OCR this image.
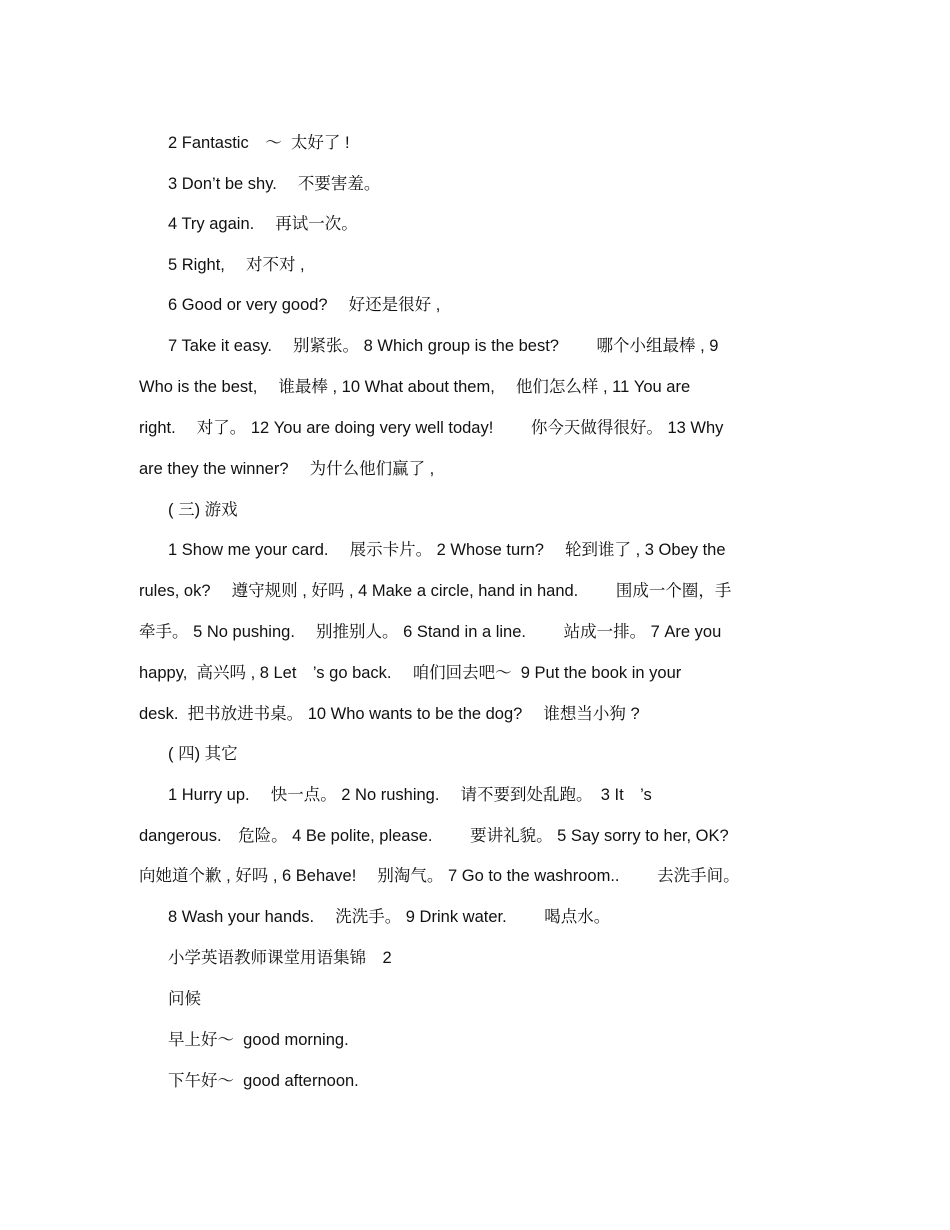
2 Fantastic　～  太好了 !
3 Don’t be shy.　 不要害羞。
4 Try again.　 再试一次。
5 Right,　 对不对 ,
6 Good or very good?　 好还是很好 ,
7 Take it easy.　 别紧张。 8 Which group is the best?　　 哪个小组最棒 , 9
Who is the best,　 谁最棒 , 10 What about them,　 他们怎么样 , 11 You are
right.　 对了。 12 You are doing very well today!　　 你今天做得很好。 13 Why
are they the winner?　 为什么他们赢了 ,
( 三) 游戏
1 Show me your card.　 展示卡片。 2 Whose turn?　 轮到谁了 , 3 Obey the
rules, ok?　 遵守规则 , 好吗 , 4 Make a circle, hand in hand.　　 围成一个圈，手
牵手。 5 No pushing.　 别推别人。 6 Stand in a line.　　 站成一排。 7 Are you
happy,  高兴吗 , 8 Let　’s go back.　 咱们回去吧～  9 Put the book in your
desk.  把书放进书桌。 10 Who wants to be the dog?　 谁想当小狗 ?
( 四) 其它
1 Hurry up.　 快一点。 2 No rushing.　 请不要到处乱跑。　3 It　’s
dangerous.　危险。 4 Be polite, please.　　 要讲礼貌。 5 Say sorry to her, OK?
向她道个歉 , 好吗 , 6 Behave!　 别淘气。 7 Go to the washroom..　　 去洗手间。
8 Wash your hands.　 洗洗手。 9 Drink water.　　 喝点水。
小学英语教师课堂用语集锦　2
问候
早上好～  good morning.
下午好～  good afternoon.
